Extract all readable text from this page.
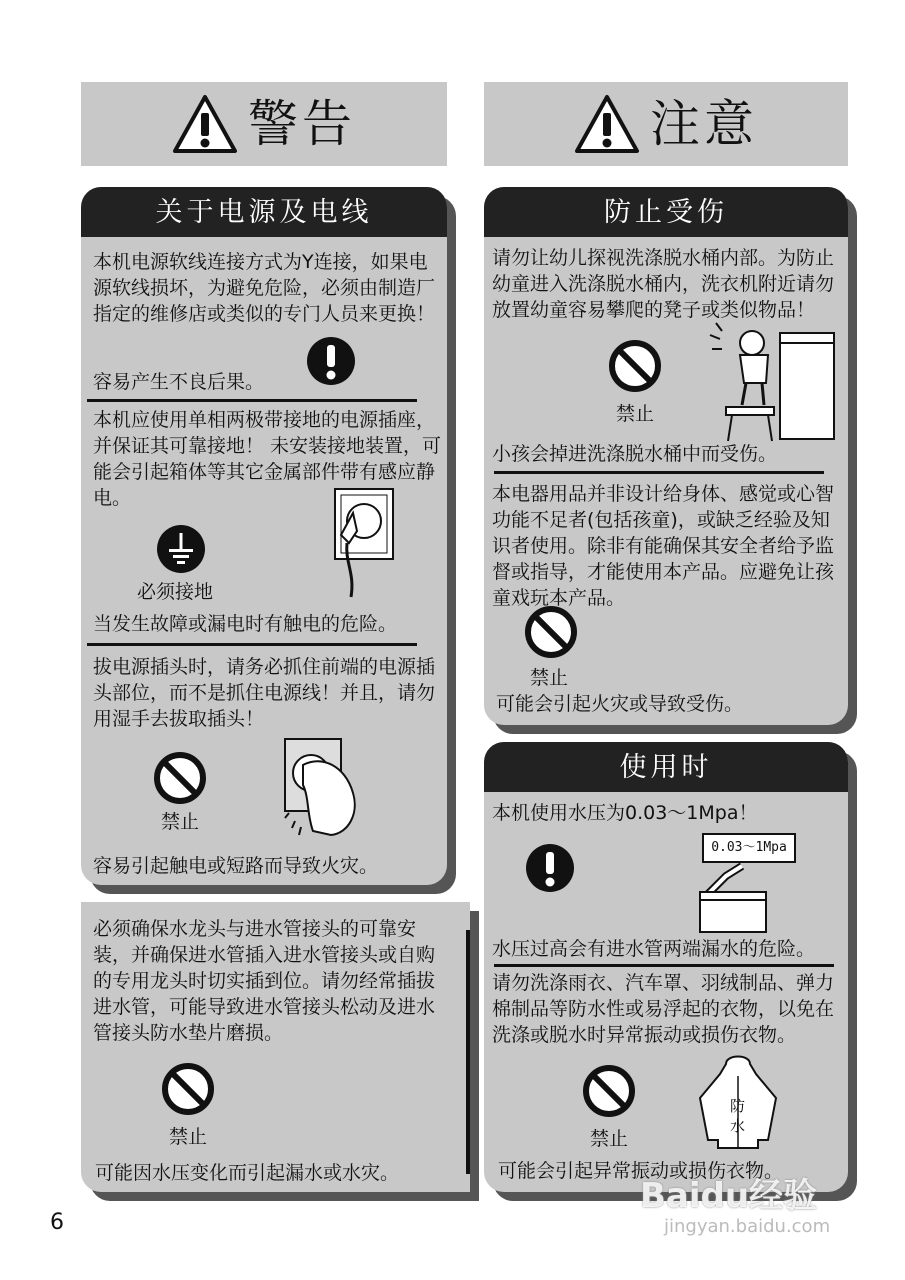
警告	注意
关于电源及电线
本机电源软线连接方式为Y连接，如果电源软线损坏，为避免危险，必须由制造厂指定的维修店或类似的专门人员来更换！
容易产生不良后果。
本机应使用单相两极带接地的电源插座，并保证其可靠接地！ 未安装接地装置，可能会引起箱体等其它金属部件带有感应静电。
必须接地
当发生故障或漏电时有触电的危险。
拔电源插头时，请务必抓住前端的电源插头部位，而不是抓住电源线！并且，请勿用湿手去拔取插头！
禁止
容易引起触电或短路而导致火灾。
防止受伤
请勿让幼儿探视洗涤脱水桶内部。为防止幼童进入洗涤脱水桶内，洗衣机附近请勿放置幼童容易攀爬的凳子或类似物品！
禁止
小孩会掉进洗涤脱水桶中而受伤。
本电器用品并非设计给身体、感觉或心智功能不足者(包括孩童)，或缺乏经验及知识者使用。除非有能确保其安全者给予监督或指导，才能使用本产品。应避免让孩童戏玩本产品。
禁止
可能会引起火灾或导致受伤。
使用时
本机使用水压为0.03～1Mpa！
0.03～1Mpa
水压过高会有进水管两端漏水的危险。
请勿洗涤雨衣、汽车罩、羽绒制品、弹力棉制品等防水性或易浮起的衣物，以免在洗涤或脱水时异常振动或损伤衣物。
禁止
防水
可能会引起异常振动或损伤衣物。
必须确保水龙头与进水管接头的可靠安装，并确保进水管插入进水管接头或自购的专用龙头时切实插到位。请勿经常插拔进水管，可能导致进水管接头松动及进水管接头防水垫片磨损。
禁止
可能因水压变化而引起漏水或水灾。
6
Baidu经验
jingyan.baidu.com
